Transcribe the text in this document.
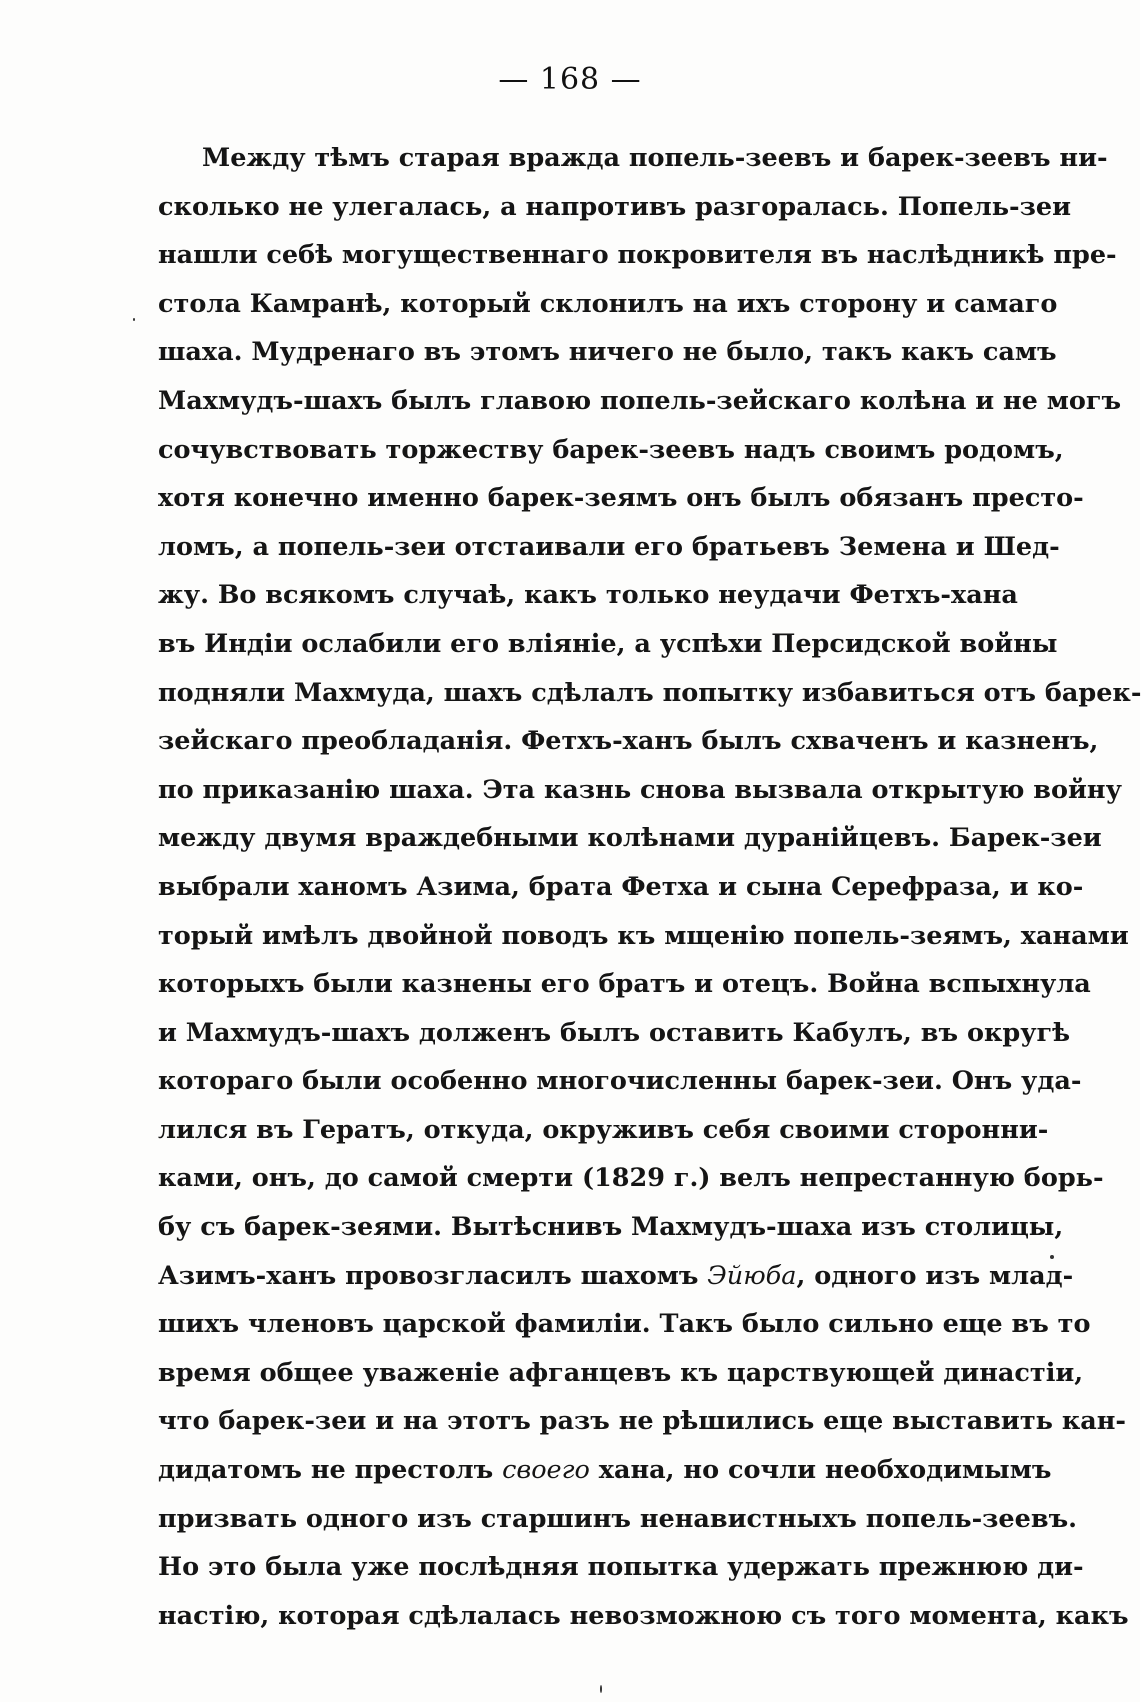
— 168 —
Между тѣмъ старая вражда попель-зеевъ и барек-зеевъ ни-
сколько не улегалась, а напротивъ разгоралась. Попель-зеи
нашли себѣ могущественнаго покровителя въ наслѣдникѣ пре-
стола Камранѣ, который склонилъ на ихъ сторону и самаго
шаха. Мудренаго въ этомъ ничего не было, такъ какъ самъ
Махмудъ-шахъ былъ главою попель-зейскаго колѣна и не могъ
сочувствовать торжеству барек-зеевъ надъ своимъ родомъ,
хотя конечно именно барек-зеямъ онъ былъ обязанъ престо-
ломъ, а попель-зеи отстаивали его братьевъ Земена и Шед-
жу. Во всякомъ случаѣ, какъ только неудачи Фетхъ-хана
въ Индіи ослабили его вліяніе, а успѣхи Персидской войны
подняли Махмуда, шахъ сдѣлалъ попытку избавиться отъ барек-
зейскаго преобладанія. Фетхъ-ханъ былъ схваченъ и казненъ,
по приказанію шаха. Эта казнь снова вызвала открытую войну
между двумя враждебными колѣнами дуранійцевъ. Барек-зеи
выбрали ханомъ Азима, брата Фетха и сына Серефраза, и ко-
торый имѣлъ двойной поводъ къ мщенію попель-зеямъ, ханами
которыхъ были казнены его братъ и отецъ. Война вспыхнула
и Махмудъ-шахъ долженъ былъ оставить Кабулъ, въ округѣ
котораго были особенно многочисленны барек-зеи. Онъ уда-
лился въ Гератъ, откуда, окруживъ себя своими сторонни-
ками, онъ, до самой смерти (1829 г.) велъ непрестанную борь-
бу съ барек-зеями. Вытѣснивъ Махмудъ-шаха изъ столицы,
Азимъ-ханъ провозгласилъ шахомъ Эйюба, одного изъ млад-
шихъ членовъ царской фамиліи. Такъ было сильно еще въ то
время общее уваженіе афганцевъ къ царствующей династіи,
что барек-зеи и на этотъ разъ не рѣшились еще выставить кан-
дидатомъ не престолъ своего хана, но сочли необходимымъ
призвать одного изъ старшинъ ненавистныхъ попель-зеевъ.
Но это была уже послѣдняя попытка удержать прежнюю ди-
настію, которая сдѣлалась невозможною съ того момента, какъ
